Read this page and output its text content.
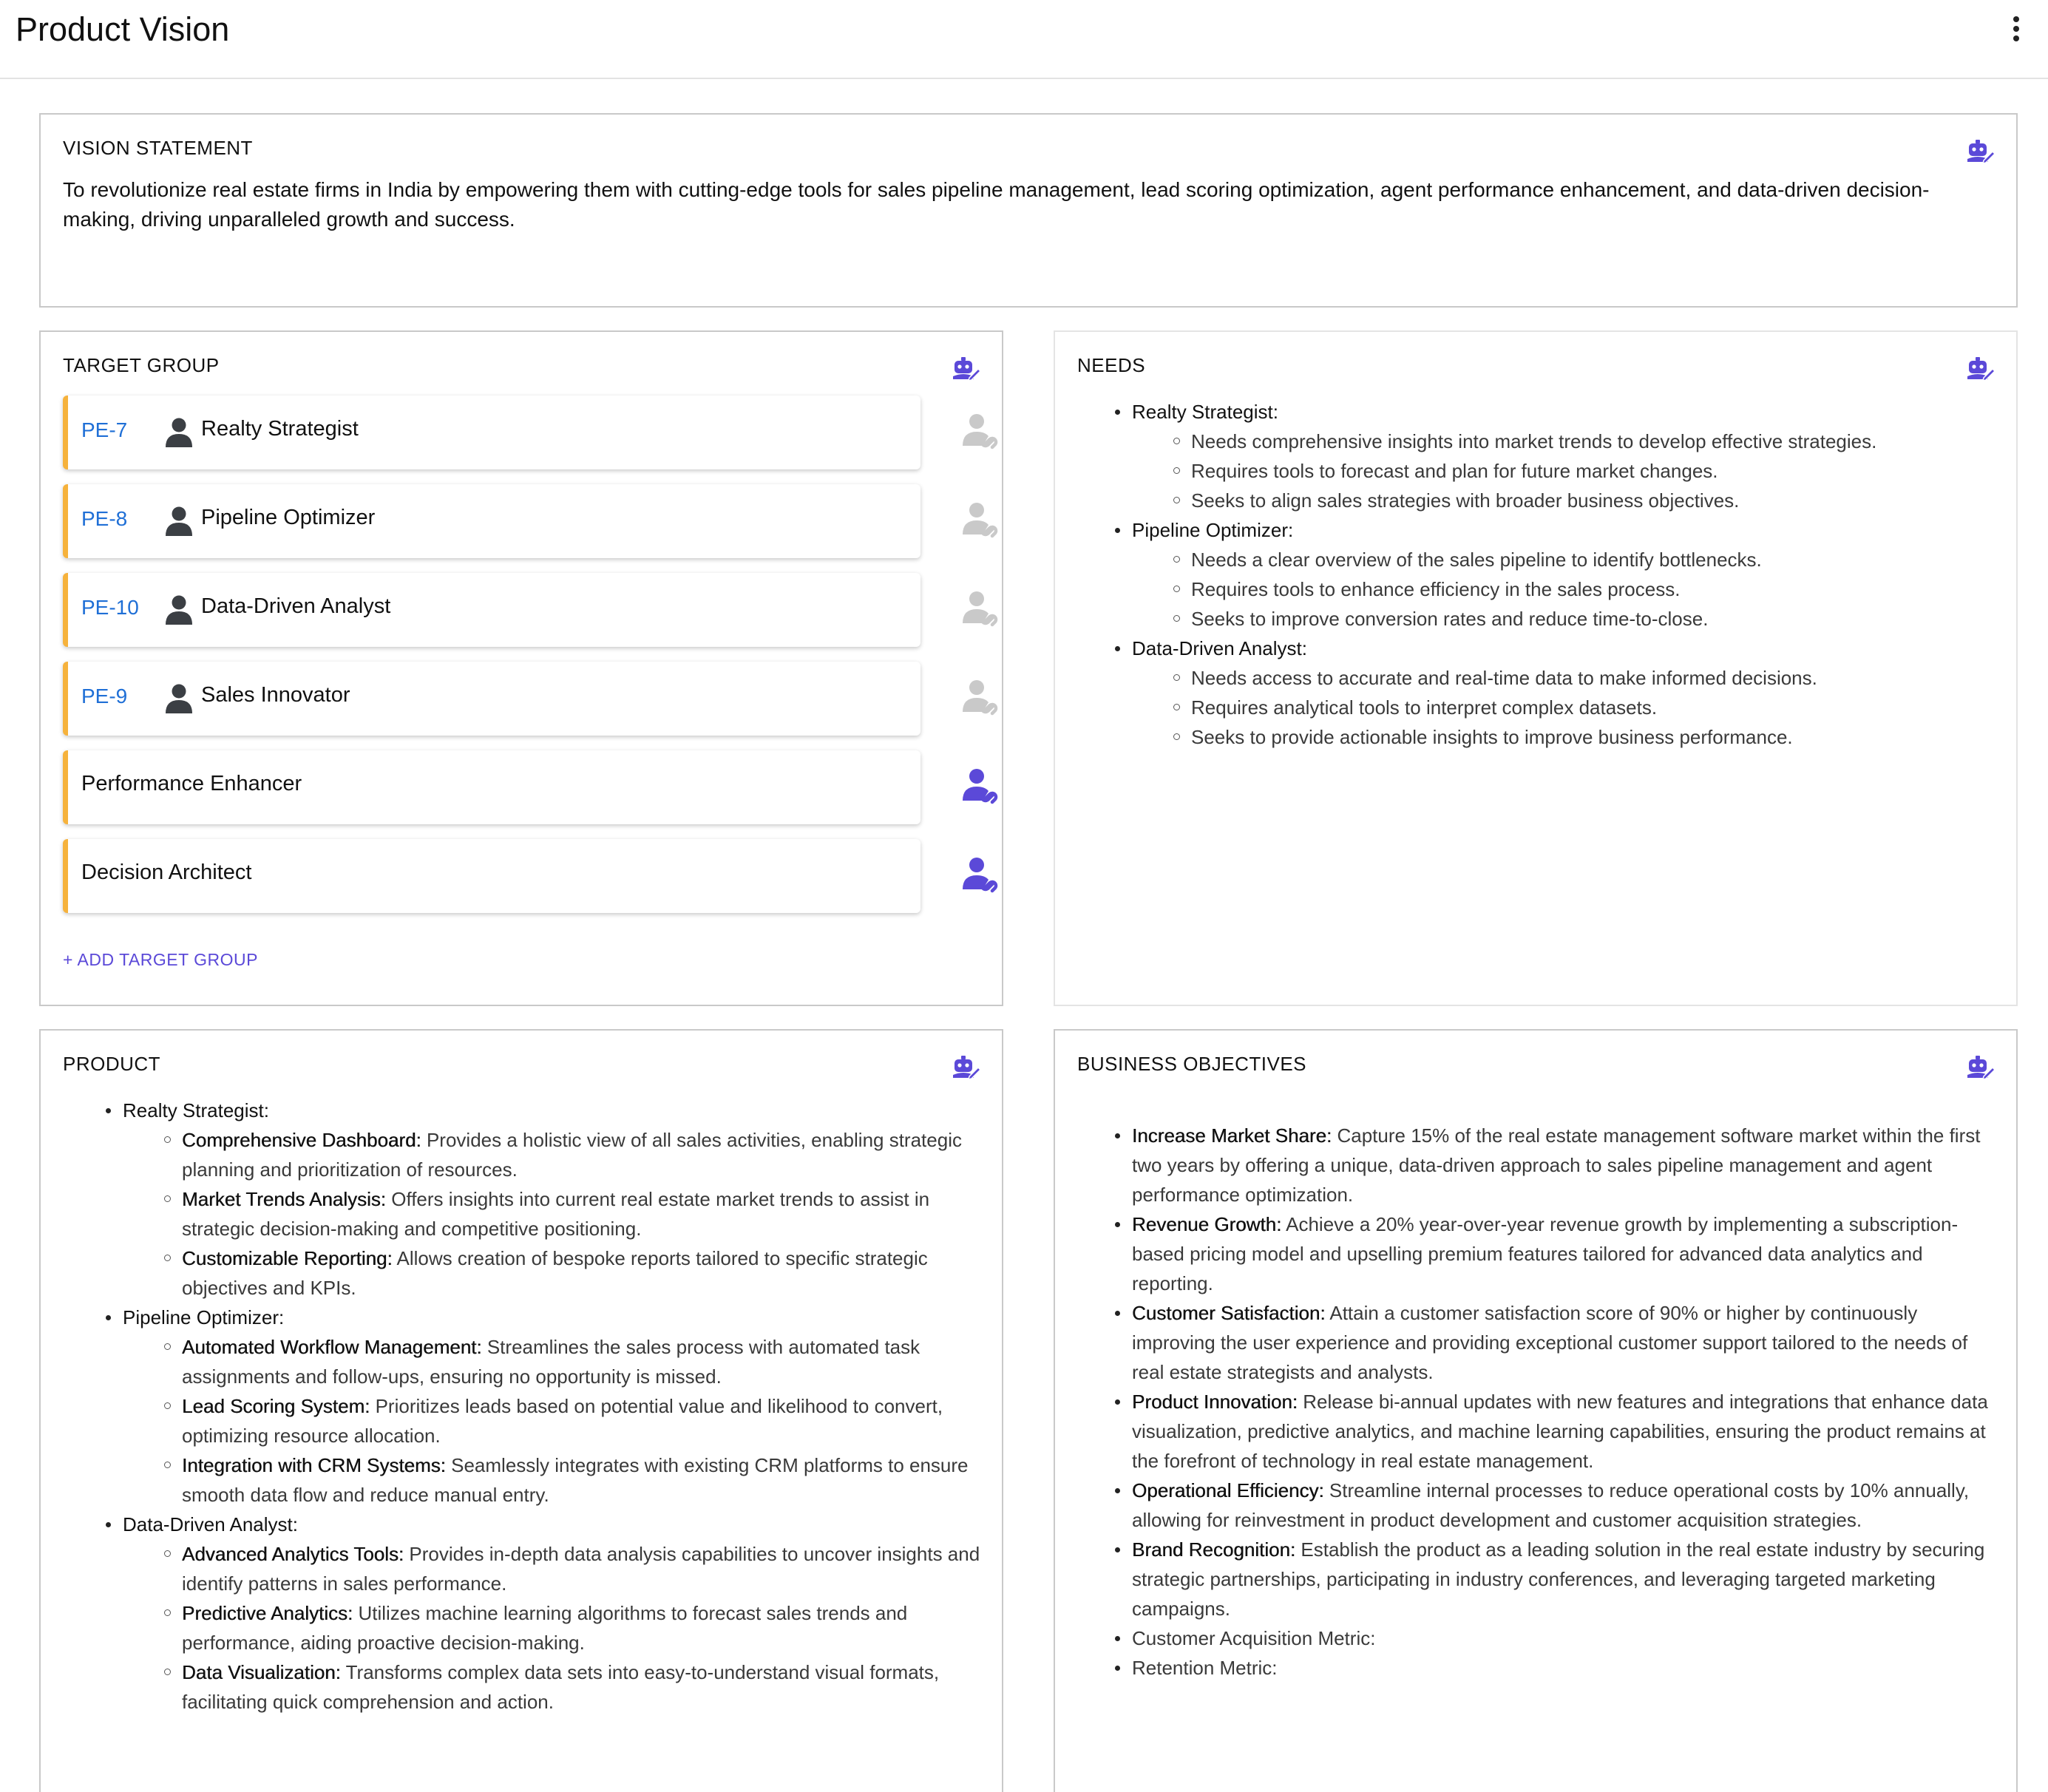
Product Vision
VISION STATEMENT
To revolutionize real estate firms in India by empowering them with cutting-edge tools for sales pipeline management, lead scoring optimization, agent performance enhancement, and data-driven decision-making, driving unparalleled growth and success.
TARGET GROUP
+ ADD TARGET GROUP
PE-7	Realty Strategist
PE-8	Pipeline Optimizer
PE-10	Data-Driven Analyst
PE-9	Sales Innovator
Performance Enhancer
Decision Architect
NEEDS
Realty Strategist:
Needs comprehensive insights into market trends to develop effective strategies.
Requires tools to forecast and plan for future market changes.
Seeks to align sales strategies with broader business objectives.
Pipeline Optimizer:
Needs a clear overview of the sales pipeline to identify bottlenecks.
Requires tools to enhance efficiency in the sales process.
Seeks to improve conversion rates and reduce time-to-close.
Data-Driven Analyst:
Needs access to accurate and real-time data to make informed decisions.
Requires analytical tools to interpret complex datasets.
Seeks to provide actionable insights to improve business performance.
PRODUCT
Realty Strategist:
Comprehensive Dashboard: Provides a holistic view of all sales activities, enabling strategic planning and prioritization of resources.
Market Trends Analysis: Offers insights into current real estate market trends to assist in strategic decision-making and competitive positioning.
Customizable Reporting: Allows creation of bespoke reports tailored to specific strategic objectives and KPIs.
Pipeline Optimizer:
Automated Workflow Management: Streamlines the sales process with automated task assignments and follow-ups, ensuring no opportunity is missed.
Lead Scoring System: Prioritizes leads based on potential value and likelihood to convert, optimizing resource allocation.
Integration with CRM Systems: Seamlessly integrates with existing CRM platforms to ensure smooth data flow and reduce manual entry.
Data-Driven Analyst:
Advanced Analytics Tools: Provides in-depth data analysis capabilities to uncover insights and identify patterns in sales performance.
Predictive Analytics: Utilizes machine learning algorithms to forecast sales trends and performance, aiding proactive decision-making.
Data Visualization: Transforms complex data sets into easy-to-understand visual formats, facilitating quick comprehension and action.
BUSINESS OBJECTIVES
Increase Market Share: Capture 15% of the real estate management software market within the first two years by offering a unique, data-driven approach to sales pipeline management and agent performance optimization.
Revenue Growth: Achieve a 20% year-over-year revenue growth by implementing a subscription-based pricing model and upselling premium features tailored for advanced data analytics and reporting.
Customer Satisfaction: Attain a customer satisfaction score of 90% or higher by continuously improving the user experience and providing exceptional customer support tailored to the needs of real estate strategists and analysts.
Product Innovation: Release bi-annual updates with new features and integrations that enhance data visualization, predictive analytics, and machine learning capabilities, ensuring the product remains at the forefront of technology in real estate management.
Operational Efficiency: Streamline internal processes to reduce operational costs by 10% annually, allowing for reinvestment in product development and customer acquisition strategies.
Brand Recognition: Establish the product as a leading solution in the real estate industry by securing strategic partnerships, participating in industry conferences, and leveraging targeted marketing campaigns.
Customer Acquisition Metric:
Retention Metric:
